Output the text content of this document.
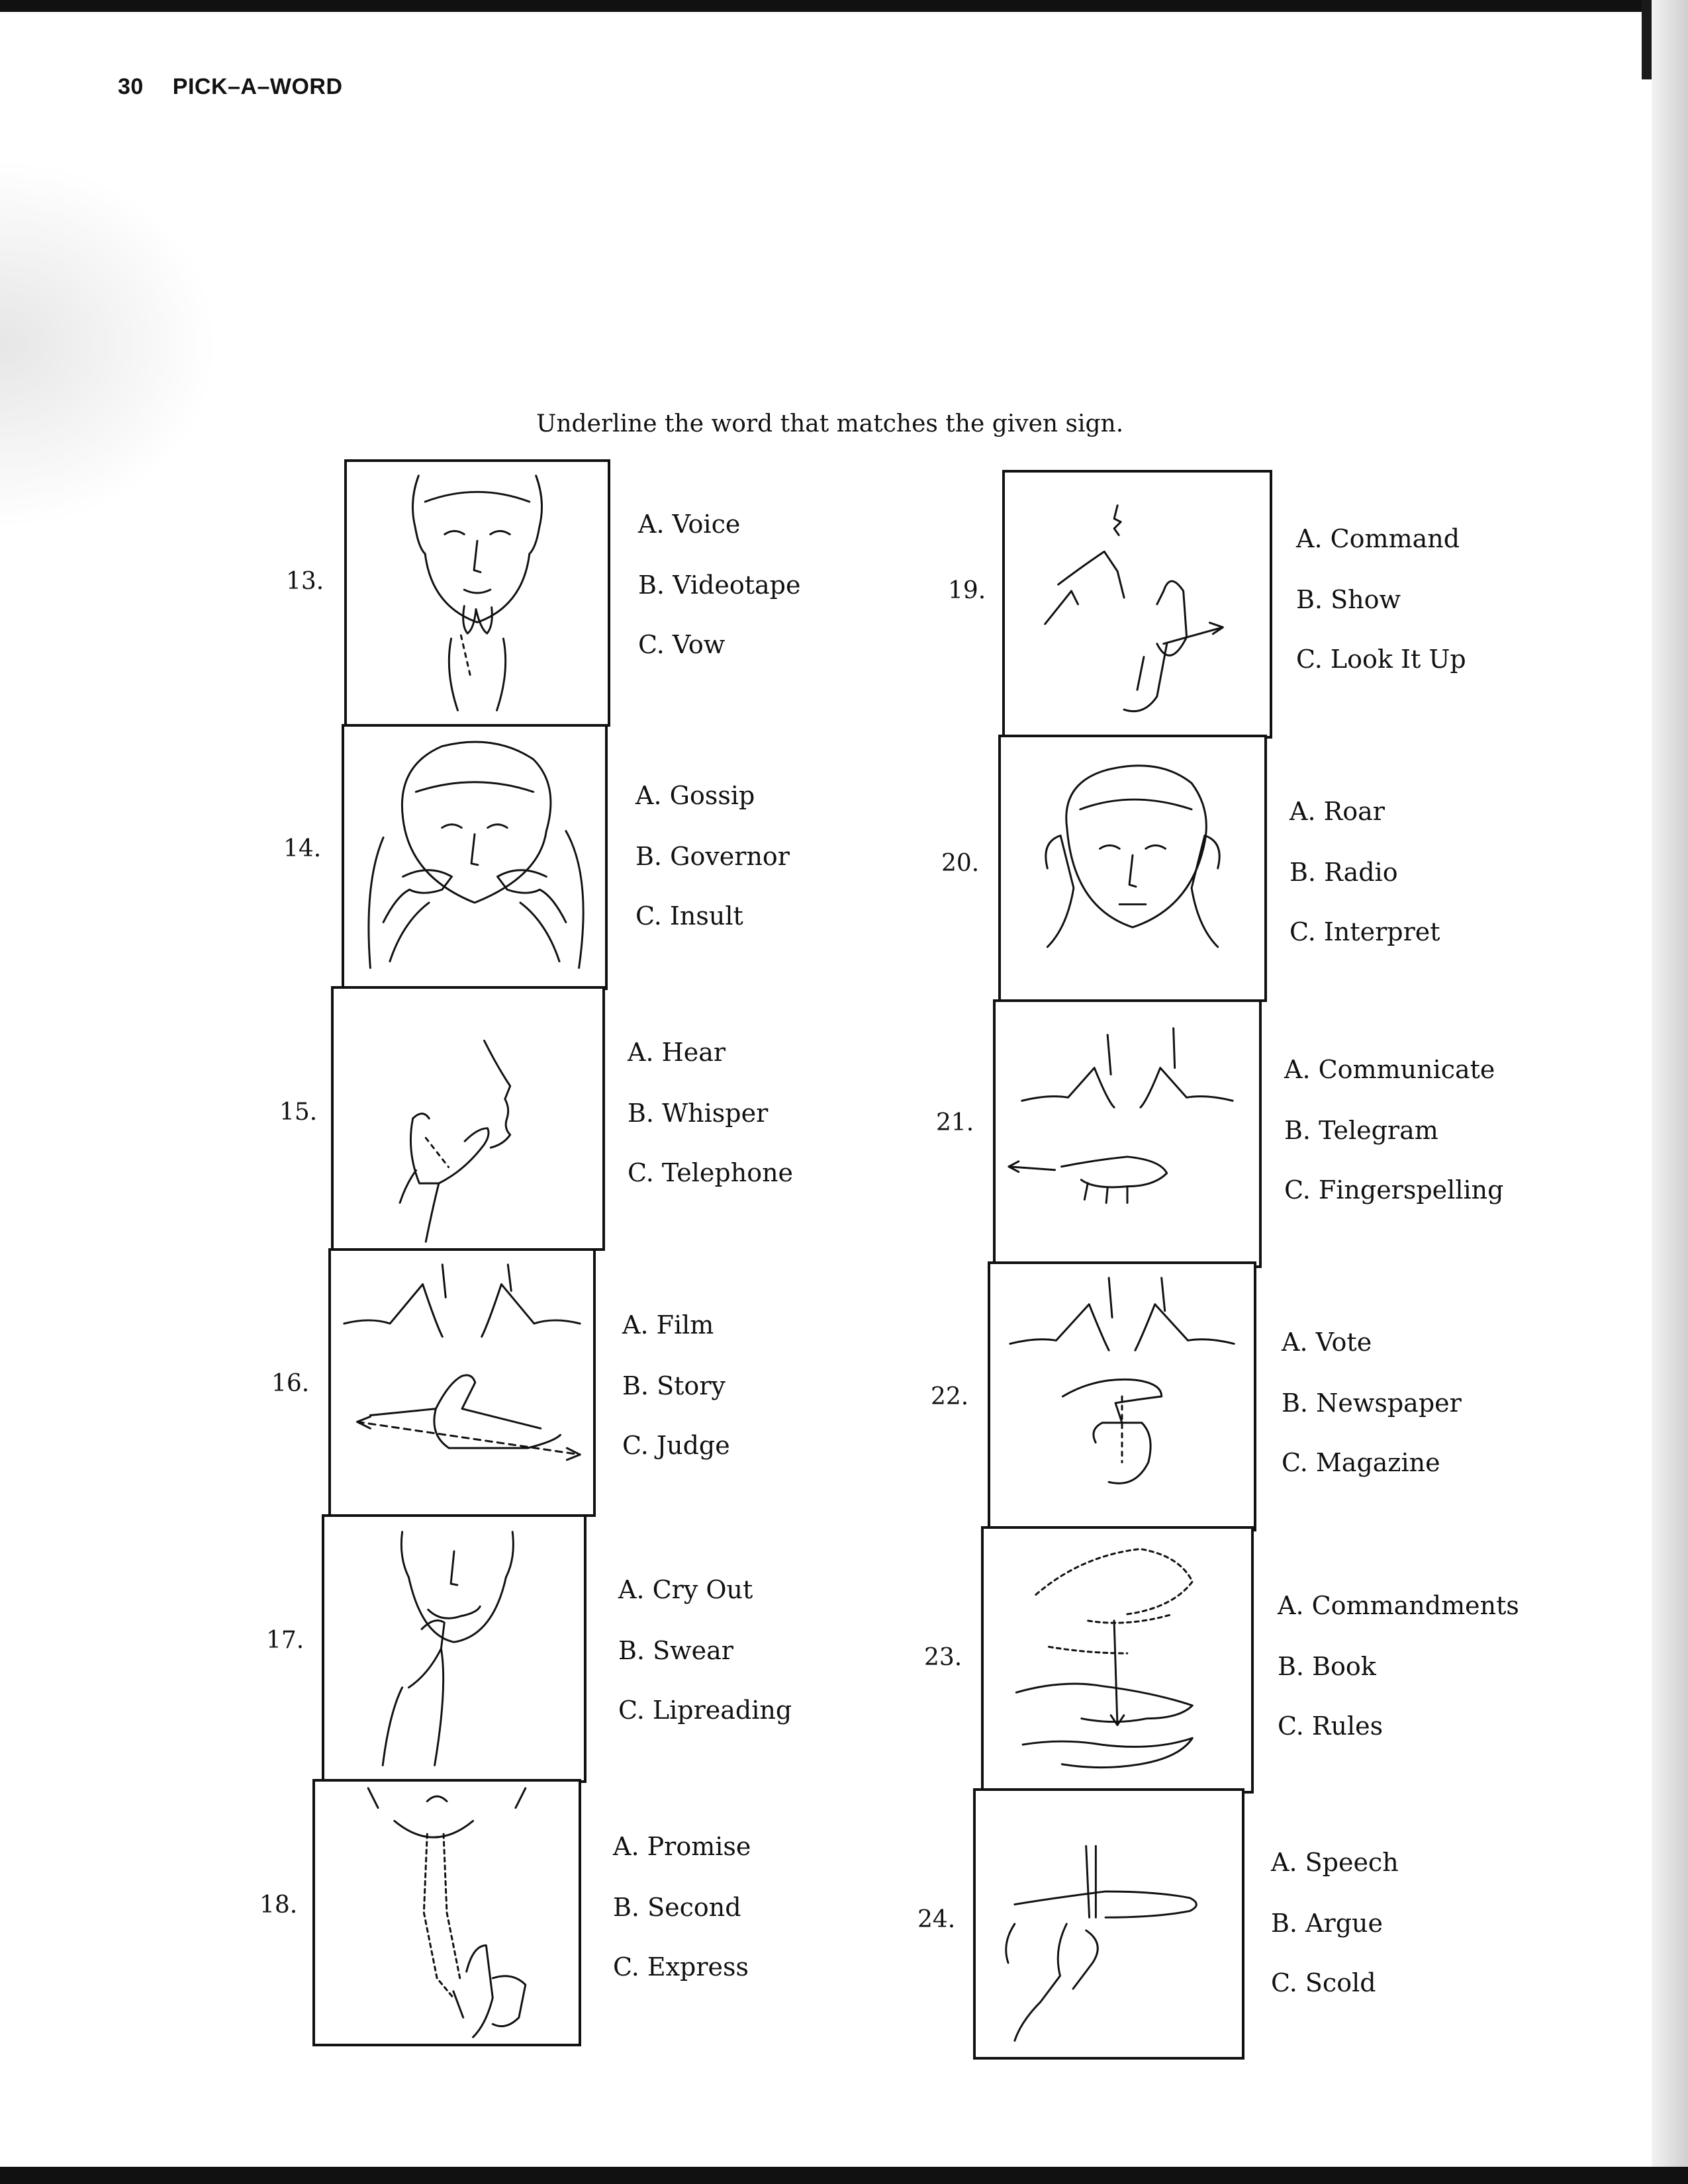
30 PICK–A–WORD
Underline the word that matches the given sign.
13.
A. Voice
B. Videotape
C. Vow
14.
A. Gossip
B. Governor
C. Insult
15.
A. Hear
B. Whisper
C. Telephone
16.
A. Film
B. Story
C. Judge
17.
A. Cry Out
B. Swear
C. Lipreading
18.
A. Promise
B. Second
C. Express
19.
A. Command
B. Show
C. Look It Up
20.
A. Roar
B. Radio
C. Interpret
21.
A. Communicate
B. Telegram
C. Fingerspelling
22.
A. Vote
B. Newspaper
C. Magazine
23.
A. Commandments
B. Book
C. Rules
24.
A. Speech
B. Argue
C. Scold
